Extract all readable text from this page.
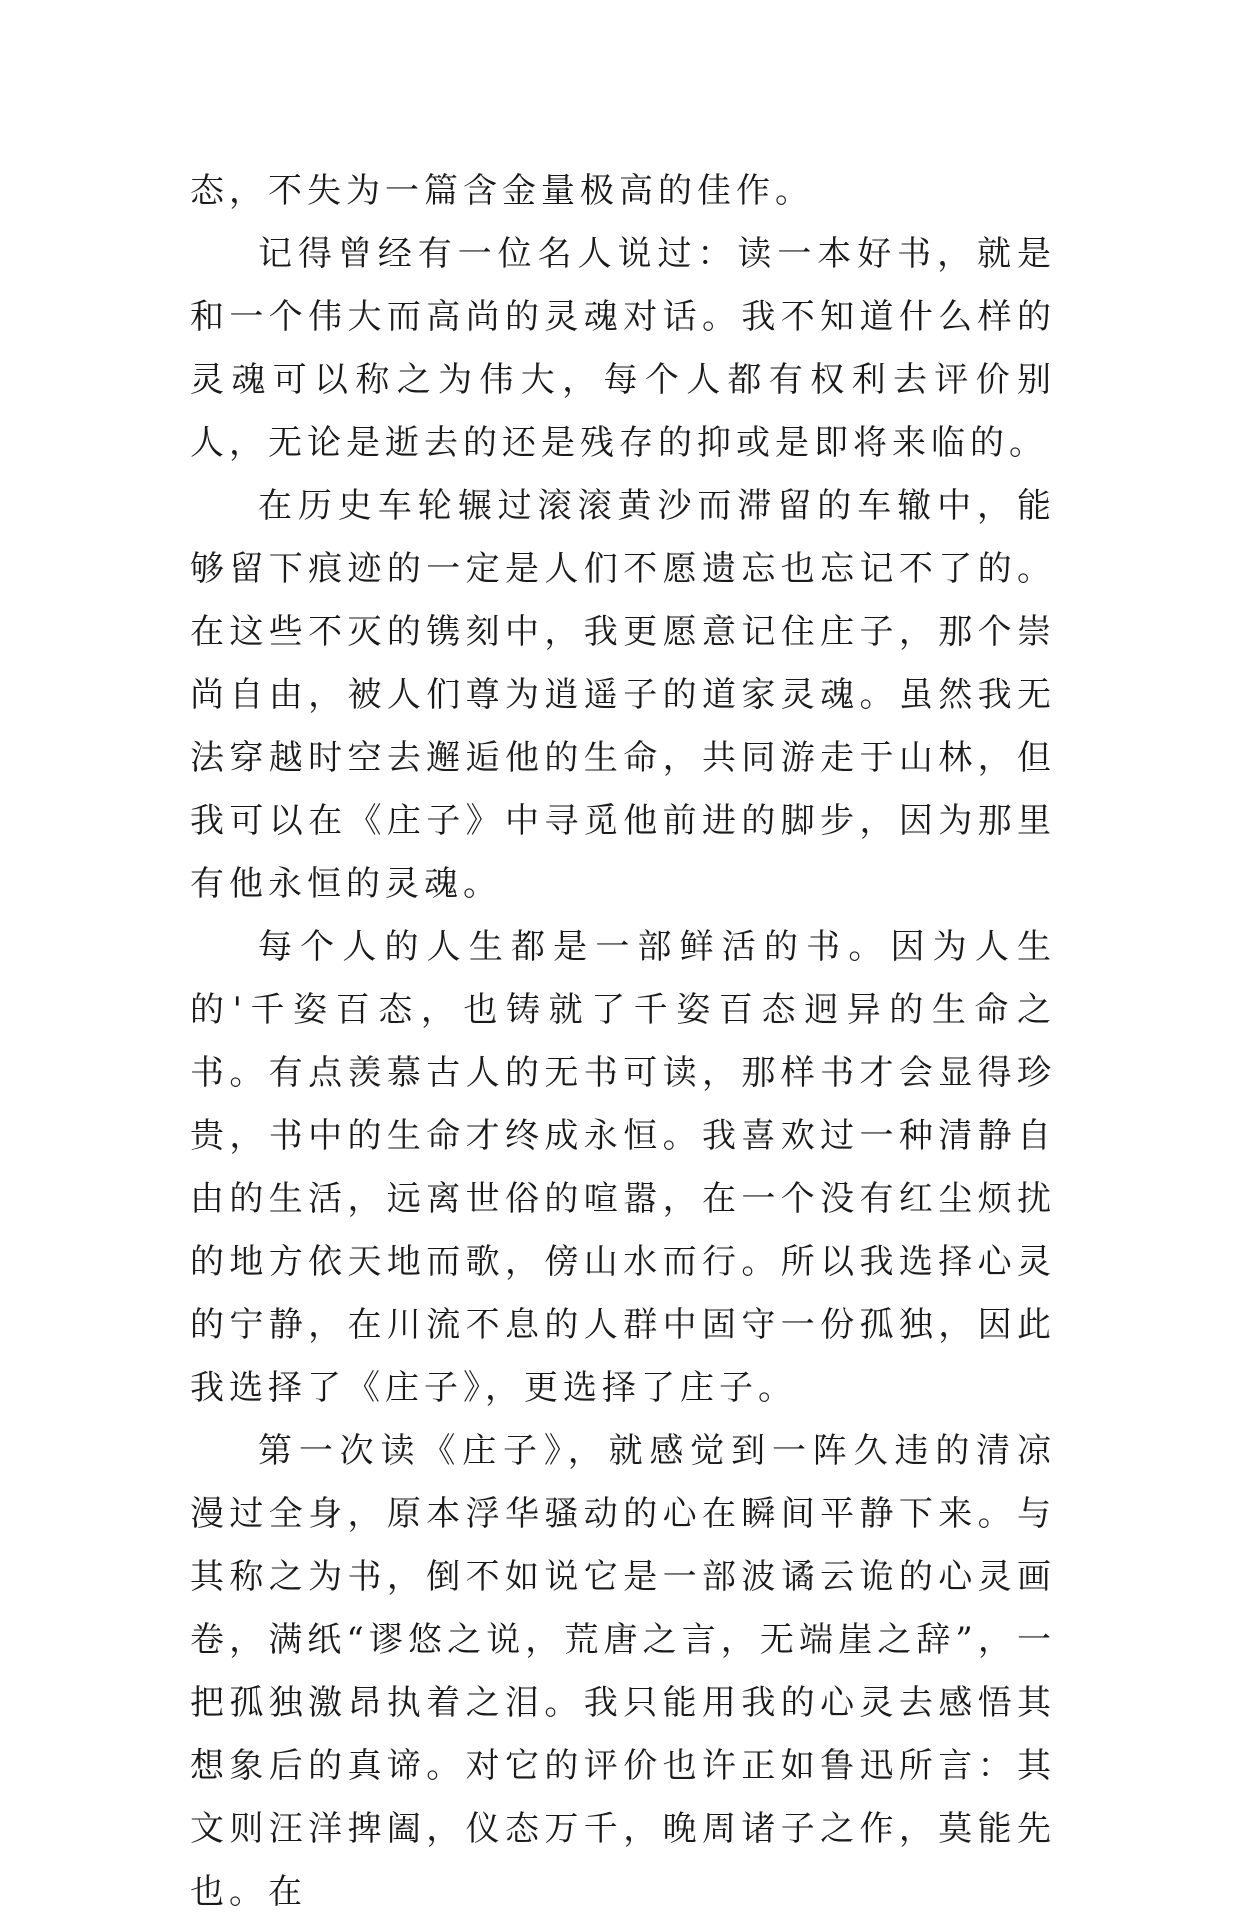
态，不失为一篇含金量极高的佳作。

记得曾经有一位名人说过：读一本好书，就是和一个伟大而高尚的灵魂对话。我不知道什么样的灵魂可以称之为伟大，每个人都有权利去评价别人，无论是逝去的还是残存的抑或是即将来临的。

在历史车轮辗过滚滚黄沙而滞留的车辙中，能够留下痕迹的一定是人们不愿遗忘也忘记不了的。在这些不灭的镌刻中，我更愿意记住庄子，那个崇尚自由，被人们尊为逍遥子的道家灵魂。虽然我无法穿越时空去邂逅他的生命，共同游走于山林，但我可以在《庄子》中寻觅他前进的脚步，因为那里有他永恒的灵魂。

每个人的人生都是一部鲜活的书。因为人生的'千姿百态，也铸就了千姿百态迥异的生命之书。有点羡慕古人的无书可读，那样书才会显得珍贵，书中的生命才终成永恒。我喜欢过一种清静自由的生活，远离世俗的喧嚣，在一个没有红尘烦扰的地方依天地而歌，傍山水而行。所以我选择心灵的宁静，在川流不息的人群中固守一份孤独，因此我选择了《庄子》，更选择了庄子。

第一次读《庄子》，就感觉到一阵久违的清凉漫过全身，原本浮华骚动的心在瞬间平静下来。与其称之为书，倒不如说它是一部波谲云诡的心灵画卷，满纸“谬悠之说，荒唐之言，无端崖之辞”，一把孤独激昂执着之泪。我只能用我的心灵去感悟其想象后的真谛。对它的评价也许正如鲁迅所言：其文则汪洋捭阖，仪态万千，晚周诸子之作，莫能先也。在
